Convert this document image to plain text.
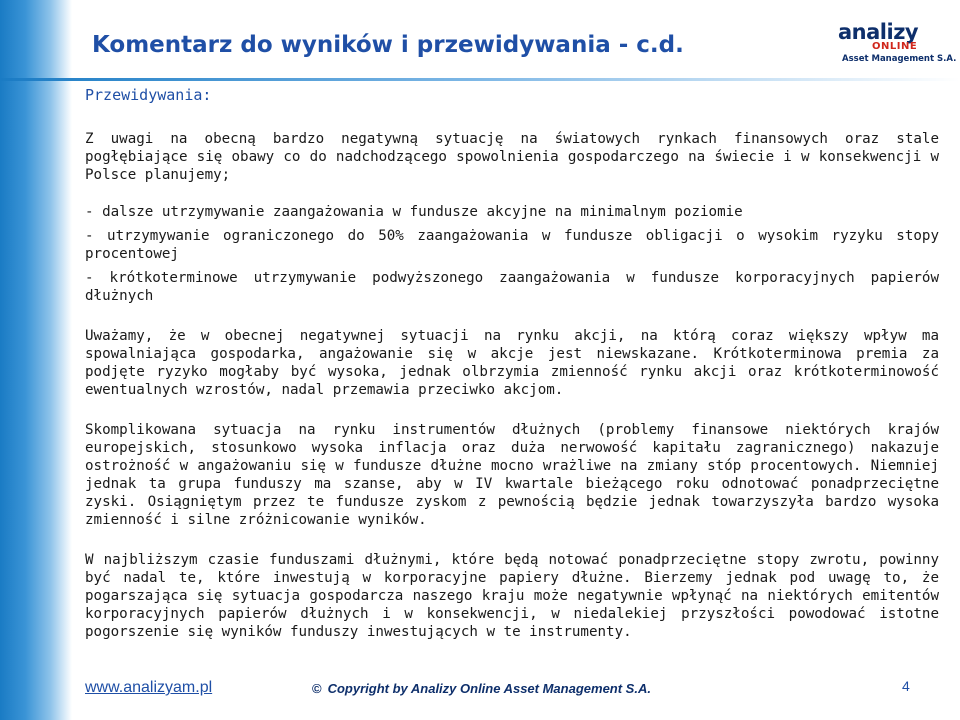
Komentarz do wyników i przewidywania - c.d.	analizy
ONLINE
Asset Management S.A.
Przewidywania:

Z uwagi na obecną bardzo negatywną sytuację na światowych rynkach finansowych oraz stale pogłębiające się obawy co do nadchodzącego spowolnienia gospodarczego na świecie i w konsekwencji w Polsce planujemy;

- dalsze utrzymywanie zaangażowania w fundusze akcyjne na minimalnym poziomie

- utrzymywanie ograniczonego do 50% zaangażowania w fundusze obligacji o wysokim ryzyku stopy procentowej

- krótkoterminowe utrzymywanie podwyższonego zaangażowania w fundusze korporacyjnych papierów dłużnych

Uważamy, że w obecnej negatywnej sytuacji na rynku akcji, na którą coraz większy wpływ ma spowalniająca gospodarka, angażowanie się w akcje jest niewskazane. Krótkoterminowa premia za podjęte ryzyko mogłaby być wysoka, jednak olbrzymia zmienność rynku akcji oraz krótkoterminowość ewentualnych wzrostów, nadal przemawia przeciwko akcjom.

Skomplikowana sytuacja na rynku instrumentów dłużnych (problemy finansowe niektórych krajów europejskich, stosunkowo wysoka inflacja oraz duża nerwowość kapitału zagranicznego) nakazuje ostrożność w angażowaniu się w fundusze dłużne mocno wrażliwe na zmiany stóp procentowych. Niemniej jednak ta grupa funduszy ma szanse, aby w IV kwartale bieżącego roku odnotować ponadprzeciętne zyski. Osiągniętym przez te fundusze zyskom z pewnością będzie jednak towarzyszyła bardzo wysoka zmienność i silne zróżnicowanie wyników.

W najbliższym czasie funduszami dłużnymi, które będą notować ponadprzeciętne stopy zwrotu, powinny być nadal te, które inwestują w korporacyjne papiery dłużne. Bierzemy jednak pod uwagę to, że pogarszająca się sytuacja gospodarcza naszego kraju może negatywnie wpłynąć na niektórych emitentów korporacyjnych papierów dłużnych i w konsekwencji, w niedalekiej przyszłości powodować istotne pogorszenie się wyników funduszy inwestujących w te instrumenty.

www.analizyam.pl	© Copyright by Analizy Online Asset Management S.A.	4
